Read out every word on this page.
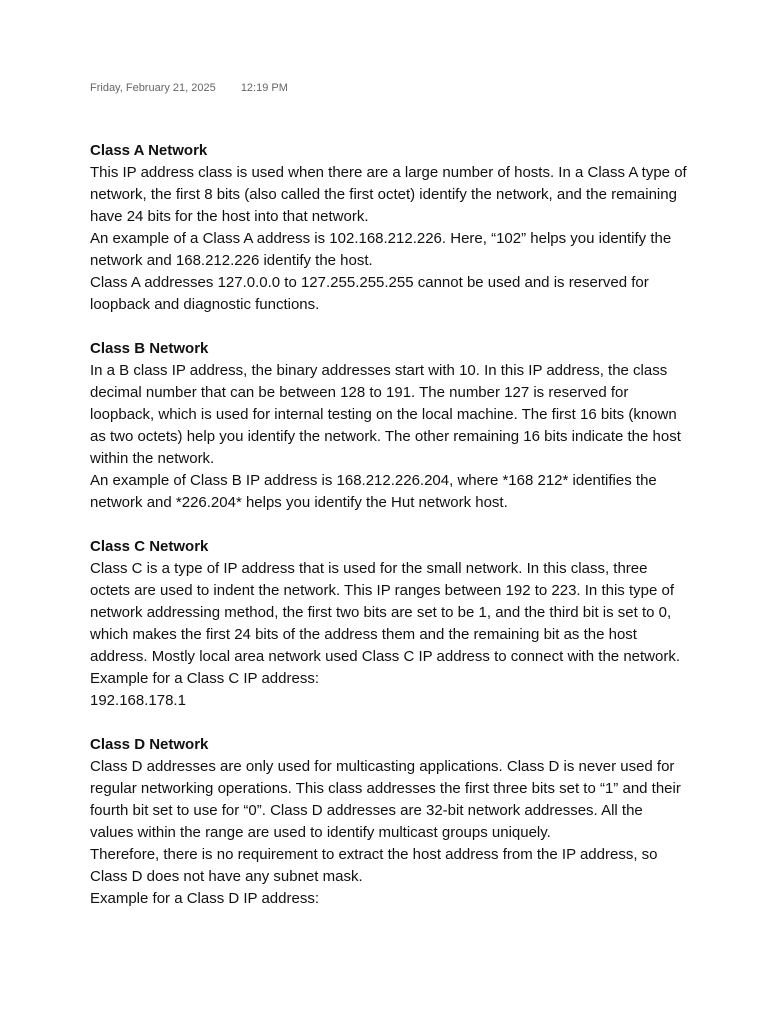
Friday, February 21, 2025 12:19 PM
Class A Network

This IP address class is used when there are a large number of hosts. In a Class A type of network, the first 8 bits (also called the first octet) identify the network, and the remaining have 24 bits for the host into that network.

An example of a Class A address is 102.168.212.226. Here, “102” helps you identify the network and 168.212.226 identify the host.

Class A addresses 127.0.0.0 to 127.255.255.255 cannot be used and is reserved for loopback and diagnostic functions.

Class B Network

In a B class IP address, the binary addresses start with 10. In this IP address, the class decimal number that can be between 128 to 191. The number 127 is reserved for loopback, which is used for internal testing on the local machine. The first 16 bits (known as two octets) help you identify the network. The other remaining 16 bits indicate the host within the network.

An example of Class B IP address is 168.212.226.204, where *168 212* identifies the network and *226.204* helps you identify the Hut network host.

Class C Network

Class C is a type of IP address that is used for the small network. In this class, three octets are used to indent the network. This IP ranges between 192 to 223. In this type of network addressing method, the first two bits are set to be 1, and the third bit is set to 0, which makes the first 24 bits of the address them and the remaining bit as the host address. Mostly local area network used Class C IP address to connect with the network.

Example for a Class C IP address:

192.168.178.1

Class D Network

Class D addresses are only used for multicasting applications. Class D is never used for regular networking operations. This class addresses the first three bits set to “1” and their fourth bit set to use for “0”. Class D addresses are 32-bit network addresses. All the values within the range are used to identify multicast groups uniquely.

Therefore, there is no requirement to extract the host address from the IP address, so Class D does not have any subnet mask.

Example for a Class D IP address:
